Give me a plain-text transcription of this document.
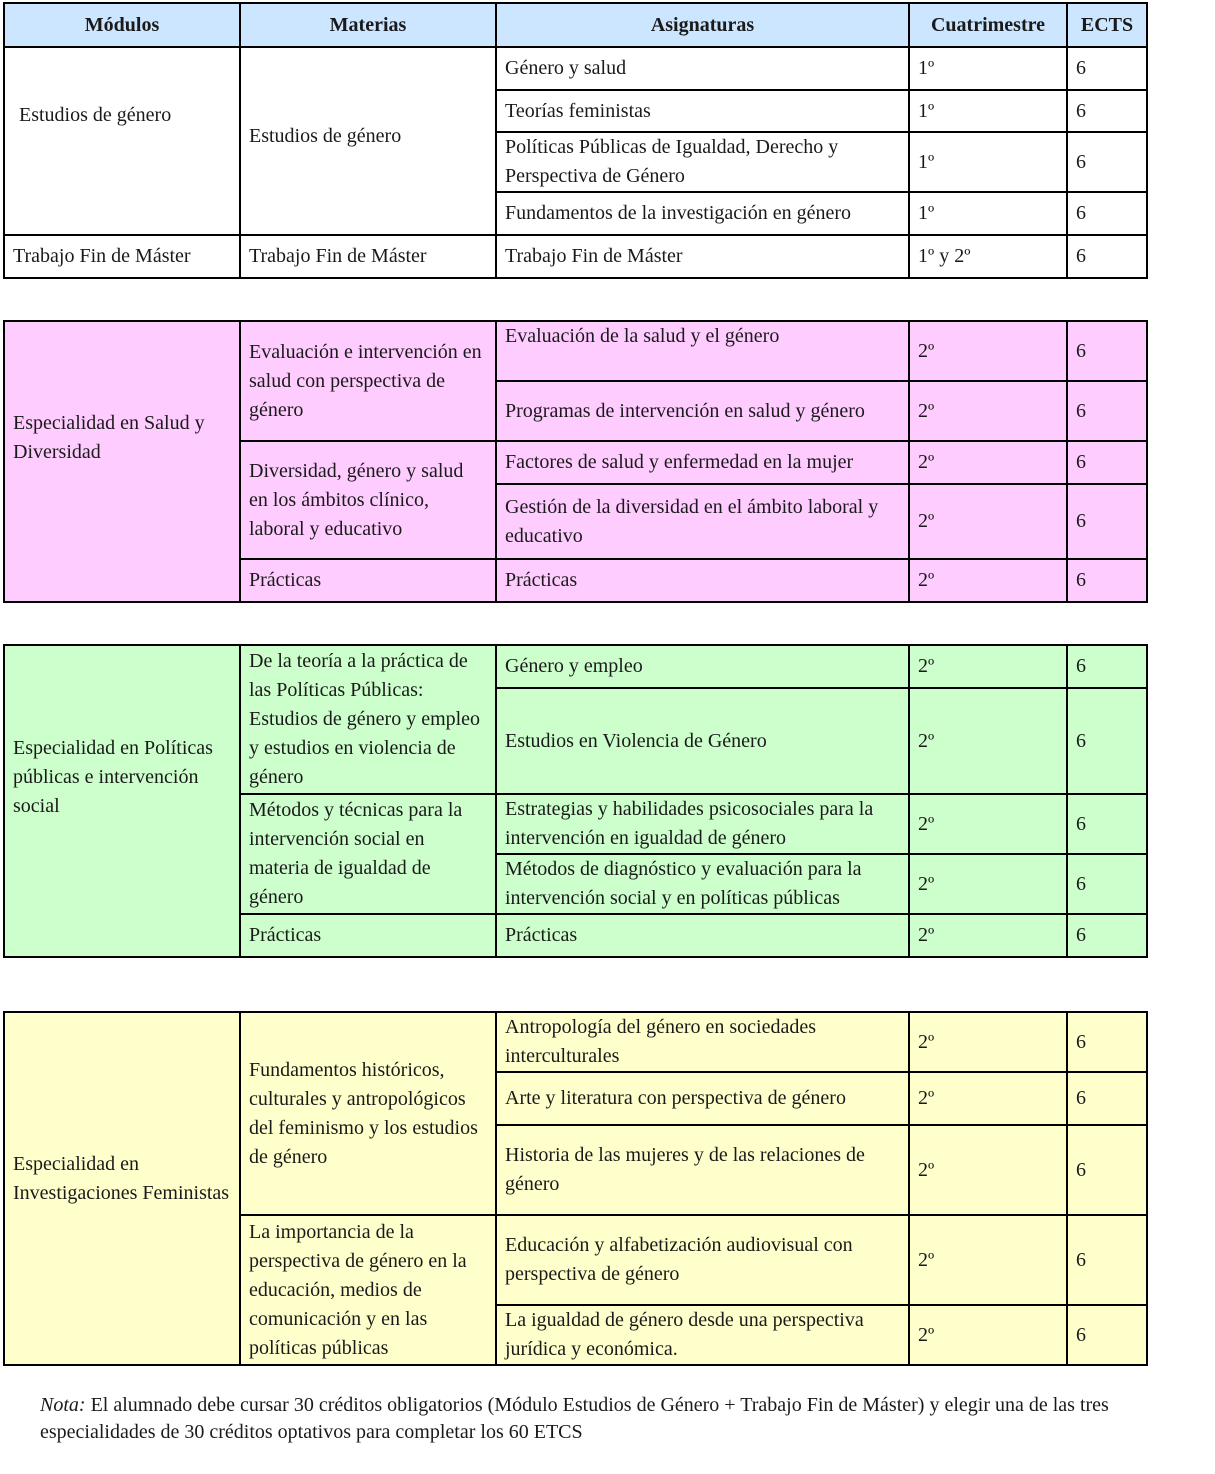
Módulos	Materias	Asignaturas	Cuatrimestre	ECTS
Estudios de género	Estudios de género	Género y salud	1º	6
		Teorías feministas	1º	6
		Políticas Públicas de Igualdad, Derecho y Perspectiva de Género	1º	6
		Fundamentos de la investigación en género	1º	6
Trabajo Fin de Máster	Trabajo Fin de Máster	Trabajo Fin de Máster	1º y 2º	6

Especialidad en Salud y Diversidad	Evaluación e intervención en salud con perspectiva de género	Evaluación de la salud y el género	2º	6
		Programas de intervención en salud y género	2º	6
	Diversidad, género y salud en los ámbitos clínico, laboral y educativo	Factores de salud y enfermedad en la mujer	2º	6
		Gestión de la diversidad en el ámbito laboral y educativo	2º	6
	Prácticas	Prácticas	2º	6

Especialidad en Políticas públicas e intervención social	De la teoría a la práctica de las Políticas Públicas: Estudios de género y empleo y estudios en violencia de género	Género y empleo	2º	6
		Estudios en Violencia de Género	2º	6
	Métodos y técnicas para la intervención social en materia de igualdad de género	Estrategias y habilidades psicosociales para la intervención en igualdad de género	2º	6
		Métodos de diagnóstico y evaluación para la intervención social y en políticas públicas	2º	6
	Prácticas	Prácticas	2º	6

Especialidad en Investigaciones Feministas	Fundamentos históricos, culturales y antropológicos del feminismo y los estudios de género	Antropología del género en sociedades interculturales	2º	6
		Arte y literatura con perspectiva de género	2º	6
		Historia de las mujeres y de las relaciones de género	2º	6
	La importancia de la perspectiva de género en la educación, medios de comunicación y en las políticas públicas	Educación y alfabetización audiovisual con perspectiva de género	2º	6
		La igualdad de género desde una perspectiva jurídica y económica.	2º	6
Nota: El alumnado debe cursar 30 créditos obligatorios (Módulo Estudios de Género + Trabajo Fin de Máster) y elegir una de las tres especialidades de 30 créditos optativos para completar los 60 ETCS
